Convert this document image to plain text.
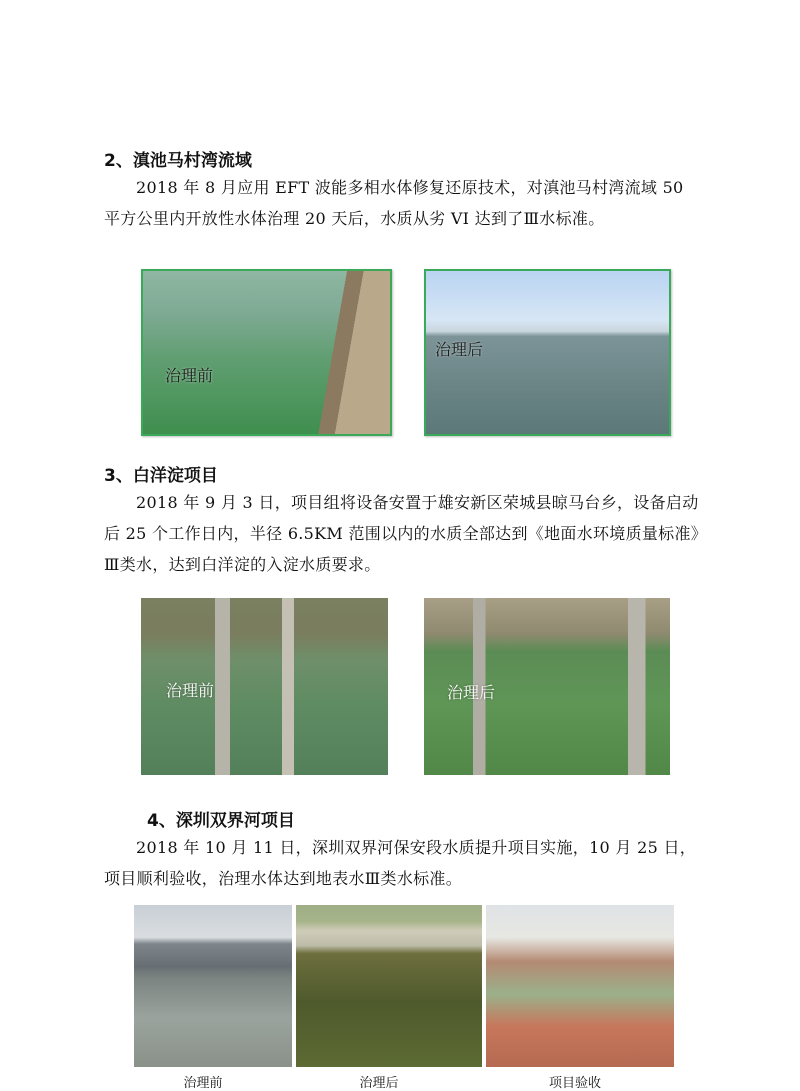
2、滇池马村湾流域

2018 年 8 月应用 EFT 波能多相水体修复还原技术，对滇池马村湾流域 50 平方公里内开放性水体治理 20 天后，水质从劣 VI 达到了Ⅲ水标准。

治理前
治理后
3、白洋淀项目

2018 年 9 月 3 日，项目组将设备安置于雄安新区荣城县晾马台乡，设备启动后 25 个工作日内，半径 6.5KM 范围以内的水质全部达到《地面水环境质量标准》Ⅲ类水，达到白洋淀的入淀水质要求。

治理前	治理后
4、深圳双界河项目

2018 年 10 月 11 日，深圳双界河保安段水质提升项目实施，10 月 25 日，项目顺利验收，治理水体达到地表水Ⅲ类水标准。

治理前	治理后	项目验收
